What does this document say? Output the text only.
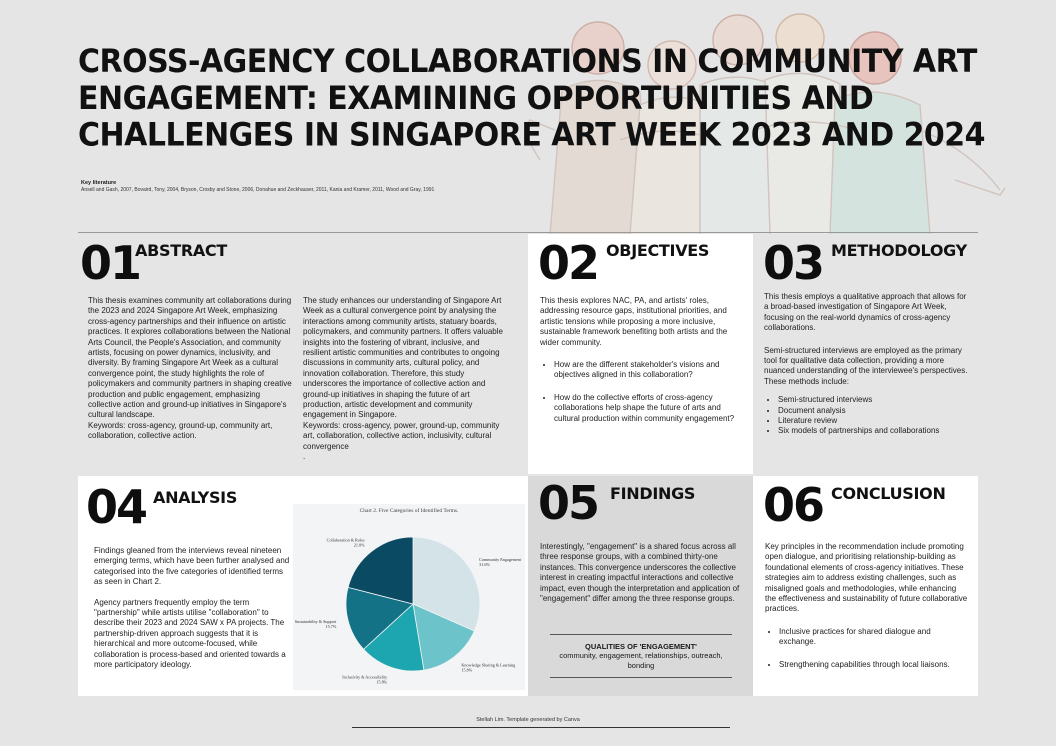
CROSS-AGENCY COLLABORATIONS IN COMMUNITY ART ENGAGEMENT: EXAMINING OPPORTUNITIES AND CHALLENGES IN SINGAPORE ART WEEK 2023 AND 2024
Key literature
Ansell and Gash, 2007, Bovaird, Tony, 2004, Bryson, Crosby and Stone, 2006, Donahue and Zeckhauser, 2011, Kania and Kramer, 2011, Wood and Gray, 1991
01
ABSTRACT

This thesis examines community art collaborations during the 2023 and 2024 Singapore Art Week, emphasizing cross-agency partnerships and their influence on artistic practices. It explores collaborations between the National Arts Council, the People's Association, and community artists, focusing on power dynamics, inclusivity, and diversity. By framing Singapore Art Week as a cultural convergence point, the study highlights the role of policymakers and community partners in shaping creative production and public engagement, emphasizing collective action and ground-up initiatives in Singapore's cultural landscape.

Keywords: cross-agency, ground-up, community art, collaboration, collective action.

The study enhances our understanding of Singapore Art Week as a cultural convergence point by analysing the interactions among community artists, statuary boards, policymakers, and community partners. It offers valuable insights into the fostering of vibrant, inclusive, and resilient artistic communities and contributes to ongoing discussions in community arts, cultural policy, and innovation collaboration. Therefore, this study underscores the importance of collective action and ground-up initiatives in shaping the future of art production, artistic development and community engagement in Singapore.

Keywords: cross-agency, power, ground-up, community art, collaboration, collective action, inclusivity, cultural convergence

.

02 OBJECTIVES

This thesis explores NAC, PA, and artists' roles, addressing resource gaps, institutional priorities, and artistic tensions while proposing a more inclusive, sustainable framework benefiting both artists and the wider community.

• How are the different stakeholder's visions and objectives aligned in this collaboration?
• How do the collective efforts of cross-agency collaborations help shape the future of arts and cultural production within community engagement?
03 METHODOLOGY

This thesis employs a qualitative approach that allows for a broad-based investigation of Singapore Art Week, focusing on the real-world dynamics of cross-agency collaborations.

Semi-structured interviews are employed as the primary tool for qualitative data collection, providing a more nuanced understanding of the interviewee's perspectives. These methods include:

• Semi-structured interviews
• Document analysis
• Literature review
• Six models of partnerships and collaborations
04 ANALYSIS

Findings gleaned from the interviews reveal nineteen emerging terms, which have been further analysed and categorised into the five categories of identified terms as seen in Chart 2.

Agency partners frequently employ the term "partnership" while artists utilise "collaboration" to describe their 2023 and 2024 SAW x PA projects. The partnership-driven approach suggests that it is hierarchical and more outcome-focused, while collaboration is process-based and oriented towards a more participatory ideology.

Chart 2. Five Categories of Identified Terms.
Community Engagement
31.6%
Knowledge Sharing & Learning
15.8%
Inclusivity & Accessibility
15.8%
Sustainability & Support
15.7%
Collaboration & Roles
21.0%
05 FINDINGS
Interestingly, "engagement" is a shared focus across all three response groups, with a combined thirty-one instances. This convergence underscores the collective interest in creating impactful interactions and collective impact, even though the interpretation and application of "engagement" differ among the three response groups.
QUALITIES OF 'ENGAGEMENT'
community, engagement, relationships, outreach, bonding
06 CONCLUSION

Key principles in the recommendation include promoting open dialogue, and prioritising relationship-building as foundational elements of cross-agency initiatives. These strategies aim to address existing challenges, such as misaligned goals and methodologies, while enhancing the effectiveness and sustainability of future collaborative practices.

• Inclusive practices for shared dialogue and exchange.
• Strengthening capabilities through local liaisons.
Stellah Lim. Template generated by Canva
